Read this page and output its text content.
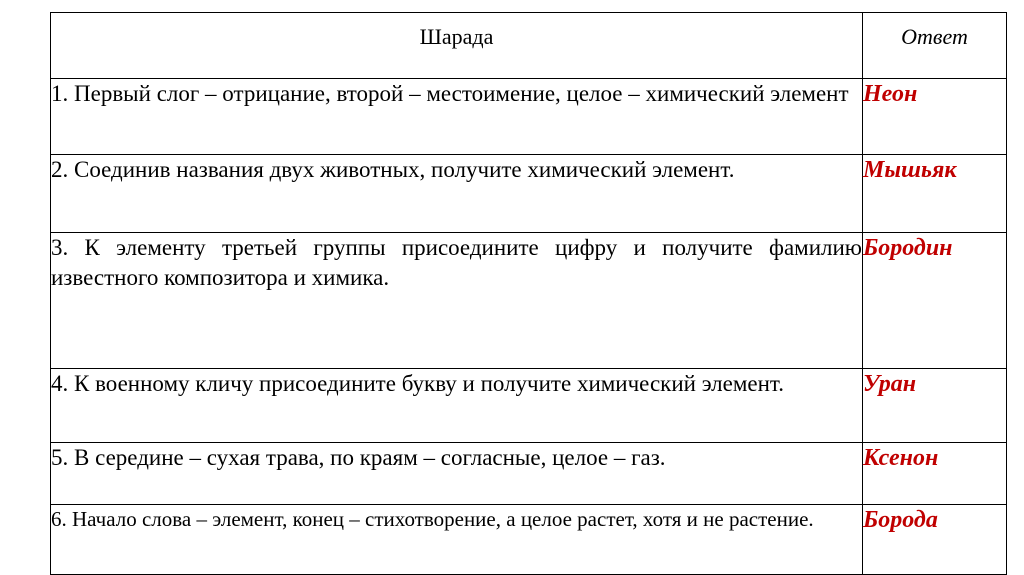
Шарада	Ответ
1. Первый слог – отрицание, второй – местоимение, целое – химический элемент	Неон
2. Соединив названия двух животных, получите химический элемент.	Мышьяк
3. К элементу третьей группы присоедините цифру и получите фамилию известного композитора и химика.	Бородин
4. К военному кличу присоедините букву и получите химический элемент.	Уран
5. В середине – сухая трава, по краям – согласные, целое – газ.	Ксенон
6. Начало слова – элемент, конец – стихотворение, а целое растет, хотя и не растение.	Борода
